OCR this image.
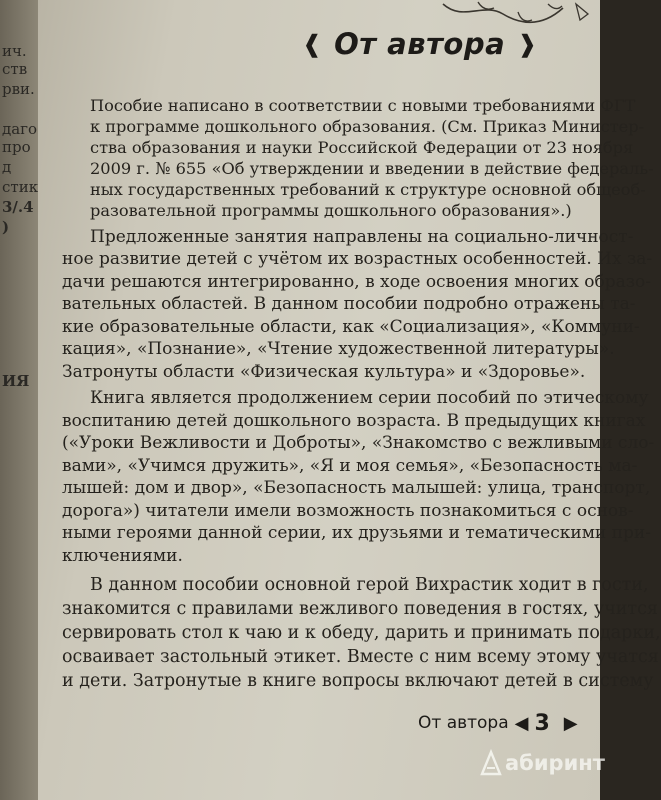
ич.
ств
рви.
даго
про
д
стик
3/.4
)
ИЯ
❰ От автора ❱

Пособие написано в соответствии с новыми требованиями ФГТ
к программе дошкольного образования. (См. Приказ Министер-
ства образования и науки Российской Федерации от 23 ноября
2009 г. № 655 «Об утверждении и введении в действие федераль-
ных государственных требований к структуре основной общеоб-
разовательной программы дошкольного образования».)

Предложенные занятия направлены на социально-личност-
ное развитие детей с учётом их возрастных особенностей. Их за-
дачи решаются интегрированно, в ходе освоения многих образо-
вательных областей. В данном пособии подробно отражены та-
кие образовательные области, как «Социализация», «Коммуни-
кация», «Познание», «Чтение художественной литературы».
Затронуты области «Физическая культура» и «Здоровье».

Книга является продолжением серии пособий по этическому
воспитанию детей дошкольного возраста. В предыдущих книгах
(«Уроки Вежливости и Доброты», «Знакомство с вежливыми сло-
вами», «Учимся дружить», «Я и моя семья», «Безопасность ма-
лышей: дом и двор», «Безопасность малышей: улица, транспорт,
дорога») читатели имели возможность познакомиться с основ-
ными героями данной серии, их друзьями и тематическими при-
ключениями.

В данном пособии основной герой Вихрастик ходит в гости,
знакомится с правилами вежливого поведения в гостях, учится
сервировать стол к чаю и к обеду, дарить и принимать подарки,
осваивает застольный этикет. Вместе с ним всему этому учатся
и дети. Затронутые в книге вопросы включают детей в систему

От автора ◀ 3 ▶
абиринт
